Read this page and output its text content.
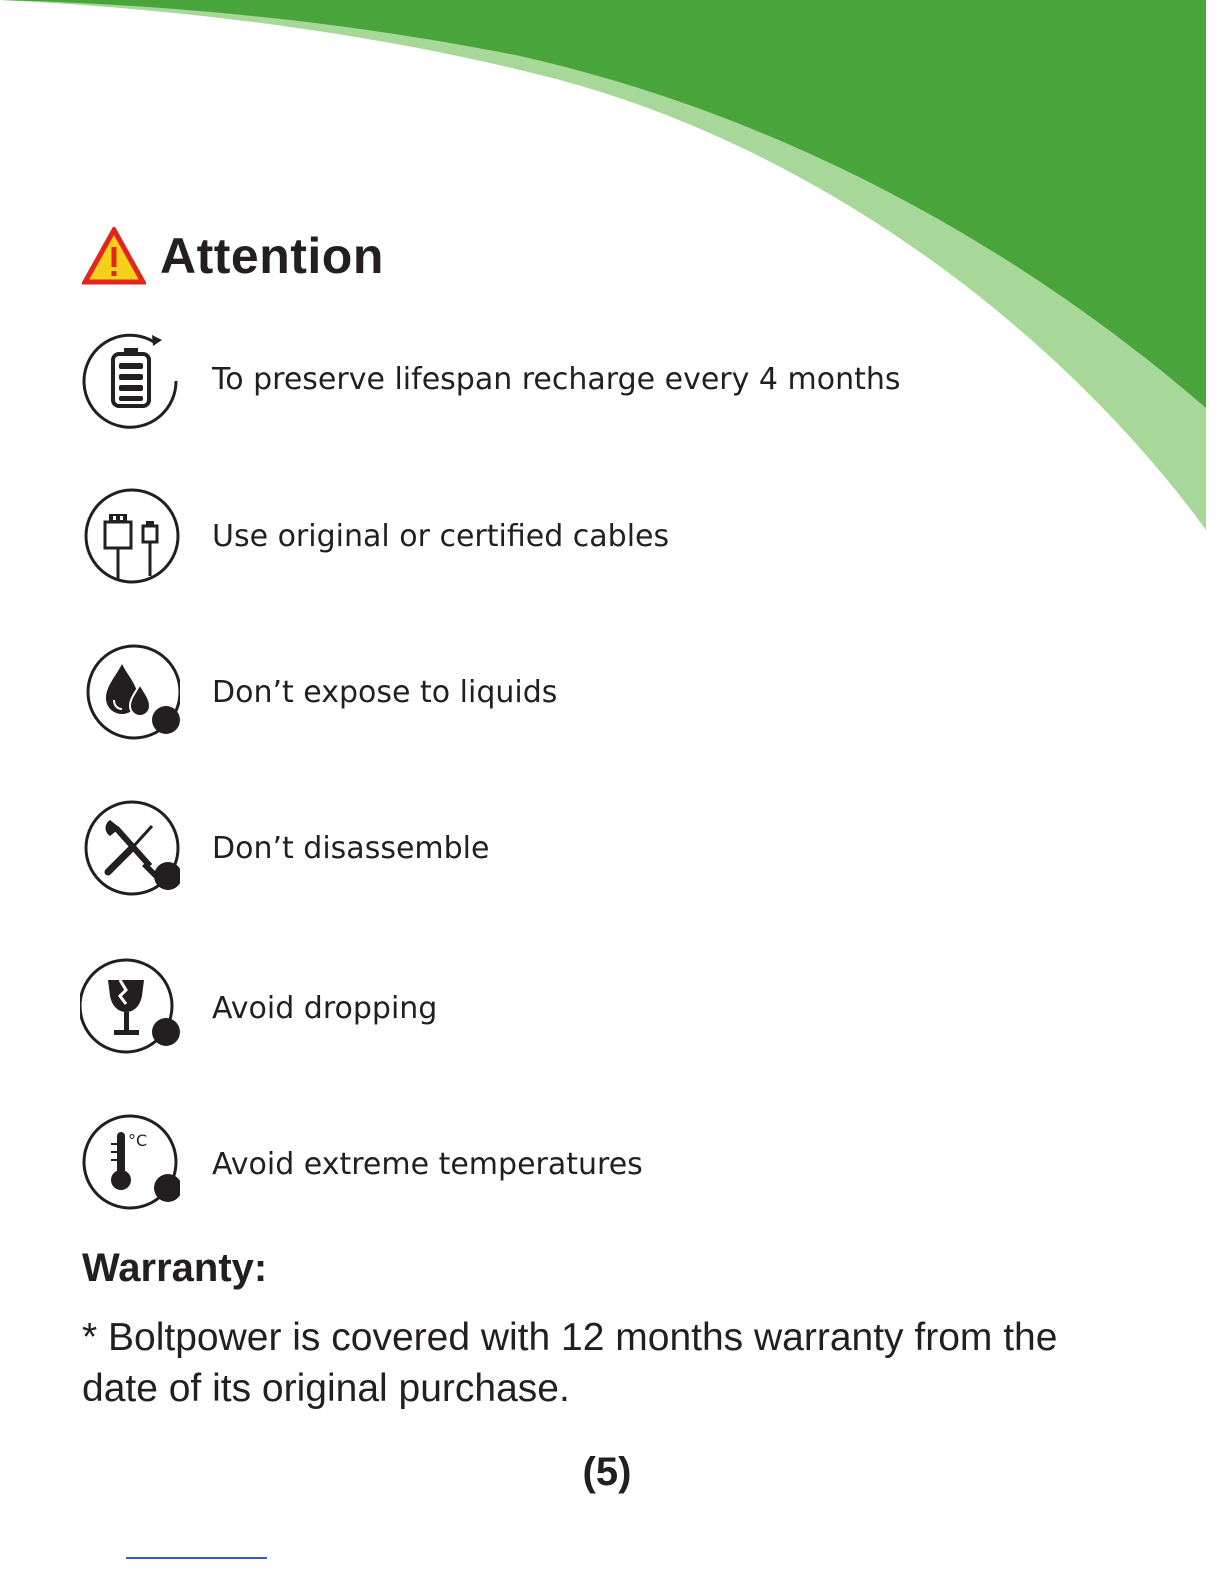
Attention
To preserve lifespan recharge every 4 months
Use original or certified cables
Don’t expose to liquids
Don’t disassemble
Avoid dropping
°C
Avoid extreme temperatures
Warranty:
* Boltpower is covered with 12 months warranty from the date of its original purchase.
(5)
